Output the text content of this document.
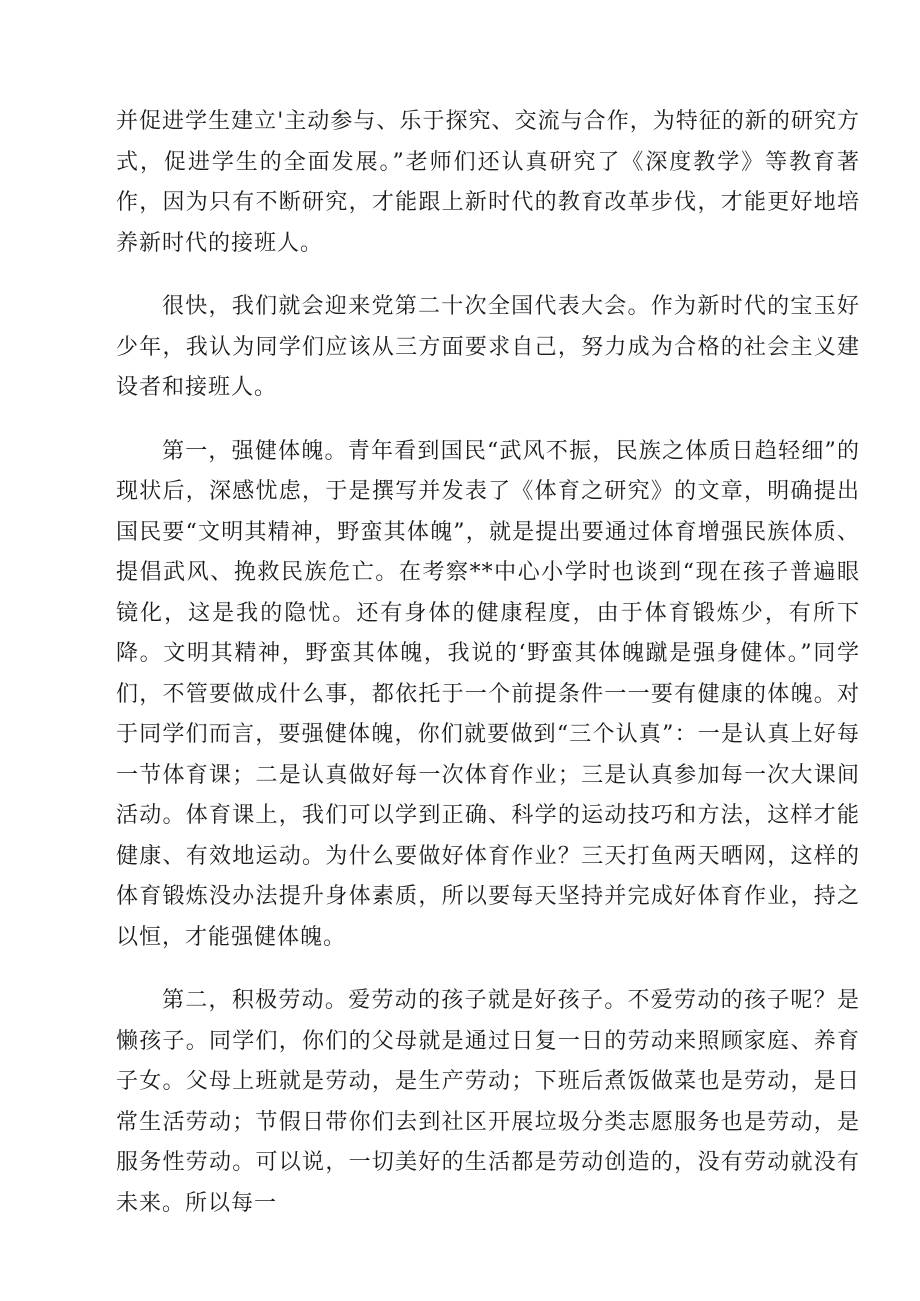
并促进学生建立'主动参与、乐于探究、交流与合作，为特征的新的研究方式，促进学生的全面发展。”老师们还认真研究了《深度教学》等教育著作，因为只有不断研究，才能跟上新时代的教育改革步伐，才能更好地培养新时代的接班人。

很快，我们就会迎来党第二十次全国代表大会。作为新时代的宝玉好少年，我认为同学们应该从三方面要求自己，努力成为合格的社会主义建设者和接班人。

第一，强健体魄。青年看到国民“武风不振，民族之体质日趋轻细”的现状后，深感忧虑，于是撰写并发表了《体育之研究》的文章，明确提出国民要“文明其精神，野蛮其体魄”，就是提出要通过体育增强民族体质、提倡武风、挽救民族危亡。在考察**中心小学时也谈到“现在孩子普遍眼镜化，这是我的隐忧。还有身体的健康程度，由于体育锻炼少，有所下降。文明其精神，野蛮其体魄，我说的‘野蛮其体魄蹴是强身健体。”同学们，不管要做成什么事，都依托于一个前提条件一一要有健康的体魄。对于同学们而言，要强健体魄，你们就要做到“三个认真”：一是认真上好每一节体育课；二是认真做好每一次体育作业；三是认真参加每一次大课间活动。体育课上，我们可以学到正确、科学的运动技巧和方法，这样才能健康、有效地运动。为什么要做好体育作业？三天打鱼两天晒网，这样的体育锻炼没办法提升身体素质，所以要每天坚持并完成好体育作业，持之以恒，才能强健体魄。

第二，积极劳动。爱劳动的孩子就是好孩子。不爱劳动的孩子呢？是懒孩子。同学们，你们的父母就是通过日复一日的劳动来照顾家庭、养育子女。父母上班就是劳动，是生产劳动；下班后煮饭做菜也是劳动，是日常生活劳动；节假日带你们去到社区开展垃圾分类志愿服务也是劳动，是服务性劳动。可以说，一切美好的生活都是劳动创造的，没有劳动就没有未来。所以每一
